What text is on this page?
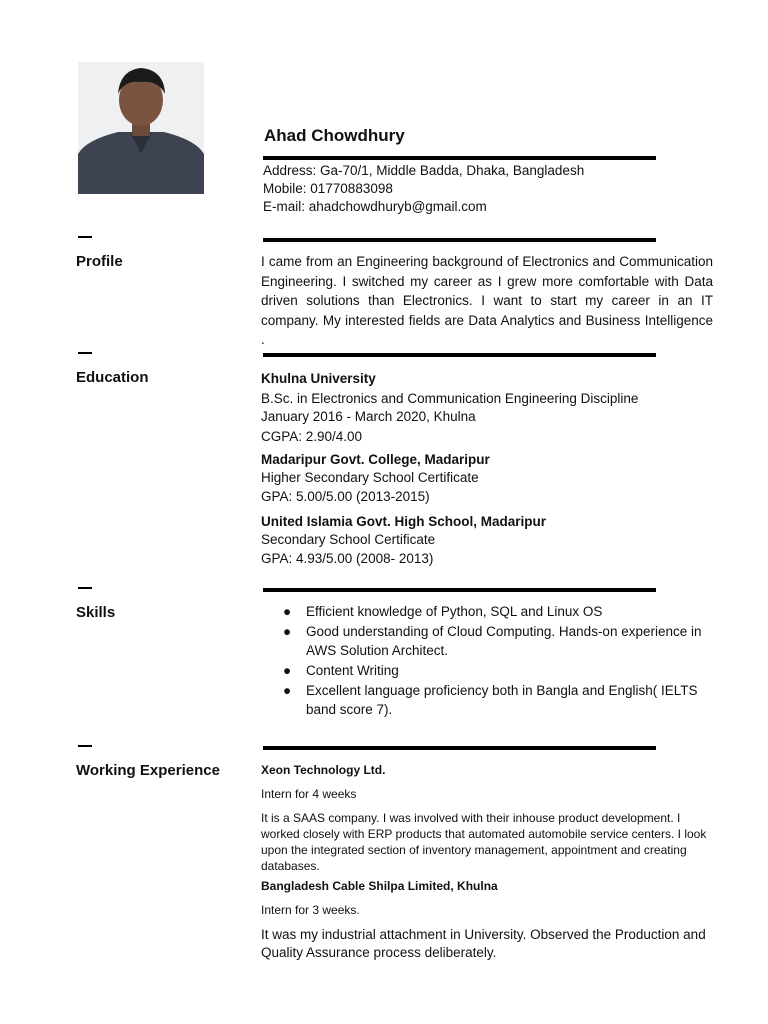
Ahad Chowdhury
Address: Ga-70/1, Middle Badda, Dhaka, Bangladesh
Mobile: 01770883098
E-mail: ahadchowdhuryb@gmail.com
Profile	I came from an Engineering background of Electronics and Communication Engineering. I switched my career as I grew more comfortable with Data driven solutions than Electronics. I want to start my career in an IT company. My interested fields are Data Analytics and Business Intelligence .
Education	Khulna University
B.Sc. in Electronics and Communication Engineering Discipline
January 2016 - March 2020, Khulna
CGPA: 2.90/4.00
Madaripur Govt. College, Madaripur
Higher Secondary School Certificate
GPA: 5.00/5.00 (2013-2015)
United Islamia Govt. High School, Madaripur
Secondary School Certificate
GPA: 4.93/5.00 (2008- 2013)
Skills	● Efficient knowledge of Python, SQL and Linux OS
● Good understanding of Cloud Computing. Hands-on experience in AWS Solution Architect.
● Content Writing
● Excellent language proficiency both in Bangla and English( IELTS band score 7).
Working Experience	Xeon Technology Ltd.
Intern for 4 weeks
It is a SAAS company. I was involved with their inhouse product development. I worked closely with ERP products that automated automobile service centers. I look upon the integrated section of inventory management, appointment and creating databases.
Bangladesh Cable Shilpa Limited, Khulna
Intern for 3 weeks.
It was my industrial attachment in University. Observed the Production and Quality Assurance process deliberately.
